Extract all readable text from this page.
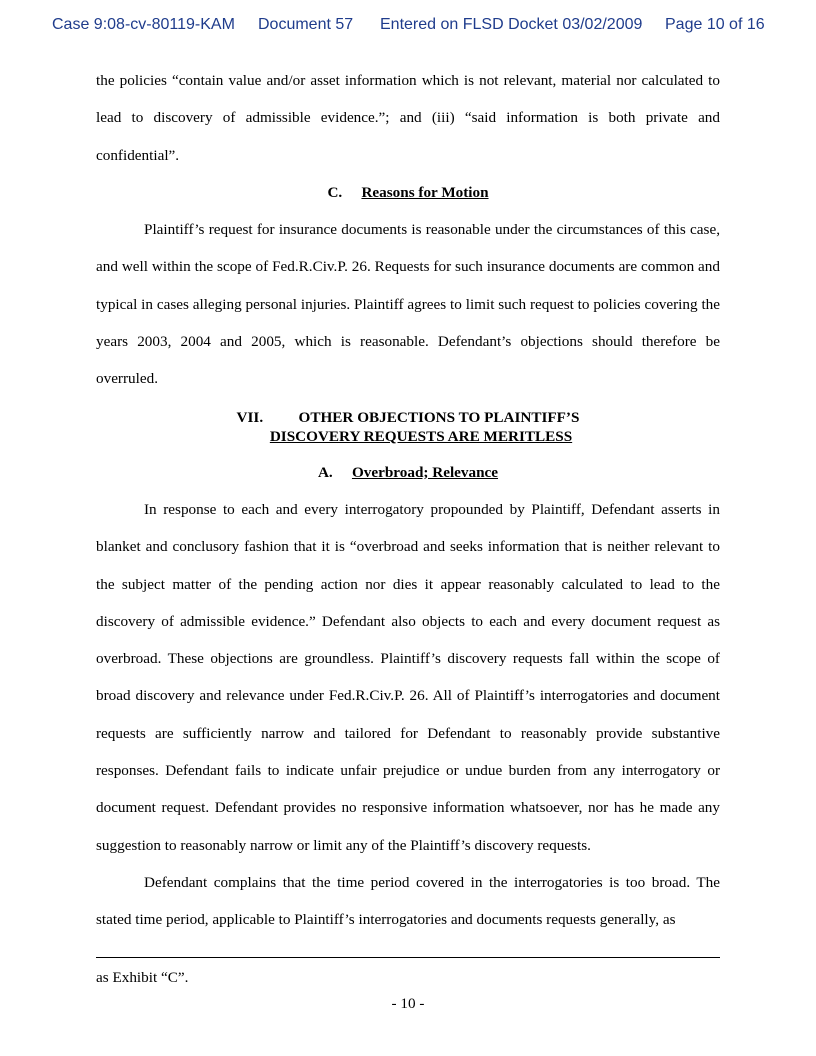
Case 9:08-cv-80119-KAM	Document 57	Entered on FLSD Docket 03/02/2009	Page 10 of 16

the policies “contain value and/or asset information which is not relevant, material nor calculated to lead to discovery of admissible evidence.”; and (iii) “said information is both private and confidential”.

C. Reasons for Motion

Plaintiff’s request for insurance documents is reasonable under the circumstances of this case, and well within the scope of Fed.R.Civ.P. 26. Requests for such insurance documents are common and typical in cases alleging personal injuries. Plaintiff agrees to limit such request to policies covering the years 2003, 2004 and 2005, which is reasonable. Defendant’s objections should therefore be overruled.

VII. OTHER OBJECTIONS TO PLAINTIFF’S
DISCOVERY REQUESTS ARE MERITLESS

A. Overbroad; Relevance

In response to each and every interrogatory propounded by Plaintiff, Defendant asserts in blanket and conclusory fashion that it is “overbroad and seeks information that is neither relevant to the subject matter of the pending action nor dies it appear reasonably calculated to lead to the discovery of admissible evidence.” Defendant also objects to each and every document request as overbroad. These objections are groundless. Plaintiff’s discovery requests fall within the scope of broad discovery and relevance under Fed.R.Civ.P. 26. All of Plaintiff’s interrogatories and document requests are sufficiently narrow and tailored for Defendant to reasonably provide substantive responses. Defendant fails to indicate unfair prejudice or undue burden from any interrogatory or document request. Defendant provides no responsive information whatsoever, nor has he made any suggestion to reasonably narrow or limit any of the Plaintiff’s discovery requests.

Defendant complains that the time period covered in the interrogatories is too broad. The stated time period, applicable to Plaintiff’s interrogatories and documents requests generally, as

as Exhibit “C”.
- 10 -
